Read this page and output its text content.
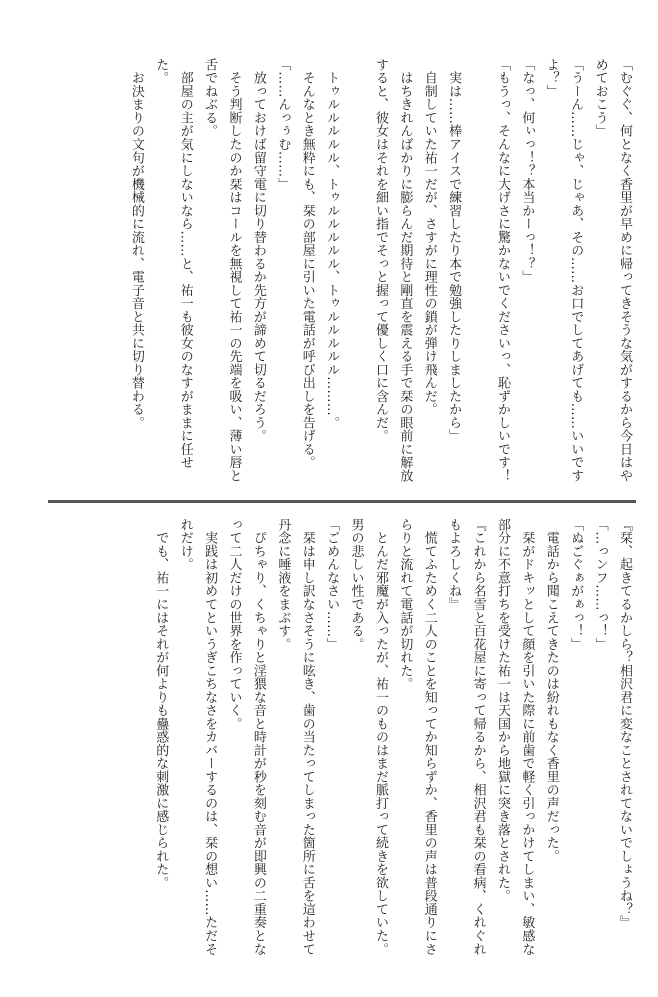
「むぐぐ、何となく香里が早めに帰ってきそうな気がするから今日はやめておこう」

「うーん……じゃ、じゃあ、その……お口でしてあげても……いいですよ？」

「なっ、何ぃっ！？本当かーっ！？」

「もうっ、そんなに大げさに驚かないでくださいっ、恥ずかしいです！

　実は……棒アイスで練習したり本で勉強したりしましたから」

　自制していた祐一だが、さすがに理性の鎖が弾け飛んだ。

　はちきれんばかりに膨らんだ期待と剛直を震える手で栞の眼前に解放すると、彼女はそれを細い指でそっと握って優しく口に含んだ。

　トゥルルルルル、トゥルルルルル、トゥルルルルル………。

　そんなとき無粋にも、栞の部屋に引いた電話が呼び出しを告げる。

「……んっぅむ……」

　放っておけば留守電に切り替わるか先方が諦めて切るだろう。

　そう判断したのか栞はコールを無視して祐一の先端を吸い、薄い唇と舌でねぶる。

　部屋の主が気にしないなら……と、祐一も彼女のなすがままに任せた。

　お決まりの文句が機械的に流れ、電子音と共に切り替わる。

『栞、起きてるかしら？相沢君に変なことされてないでしょうね？』

「…っンフ……っ！」

「ぬごぐぁがぁっ！」

　電話から聞こえてきたのは紛れもなく香里の声だった。

　栞がドキッとして顔を引いた際に前歯で軽く引っかけてしまい、敏感な部分に不意打ちを受けた祐一は天国から地獄に突き落とされた。

『これから名雪と百花屋に寄って帰るから、相沢君も栞の看病、くれぐれもよろしくね』

　慌てふためく二人のことを知ってか知らずか、香里の声は普段通りにさらりと流れて電話が切れた。

　とんだ邪魔が入ったが、祐一のものはまだ脈打って続きを欲していた。男の悲しい性である。

「ごめんなさい……」

　栞は申し訳なさそうに呟き、歯の当たってしまった箇所に舌を這わせて丹念に唾液をまぶす。

　ぴちゃり、くちゃりと淫猥な音と時計が秒を刻む音が即興の二重奏となって二人だけの世界を作っていく。

　実践は初めてというぎこちなさをカバーするのは、栞の想い……ただそれだけ。

　でも、祐一にはそれが何よりも蠱惑的な刺激に感じられた。
